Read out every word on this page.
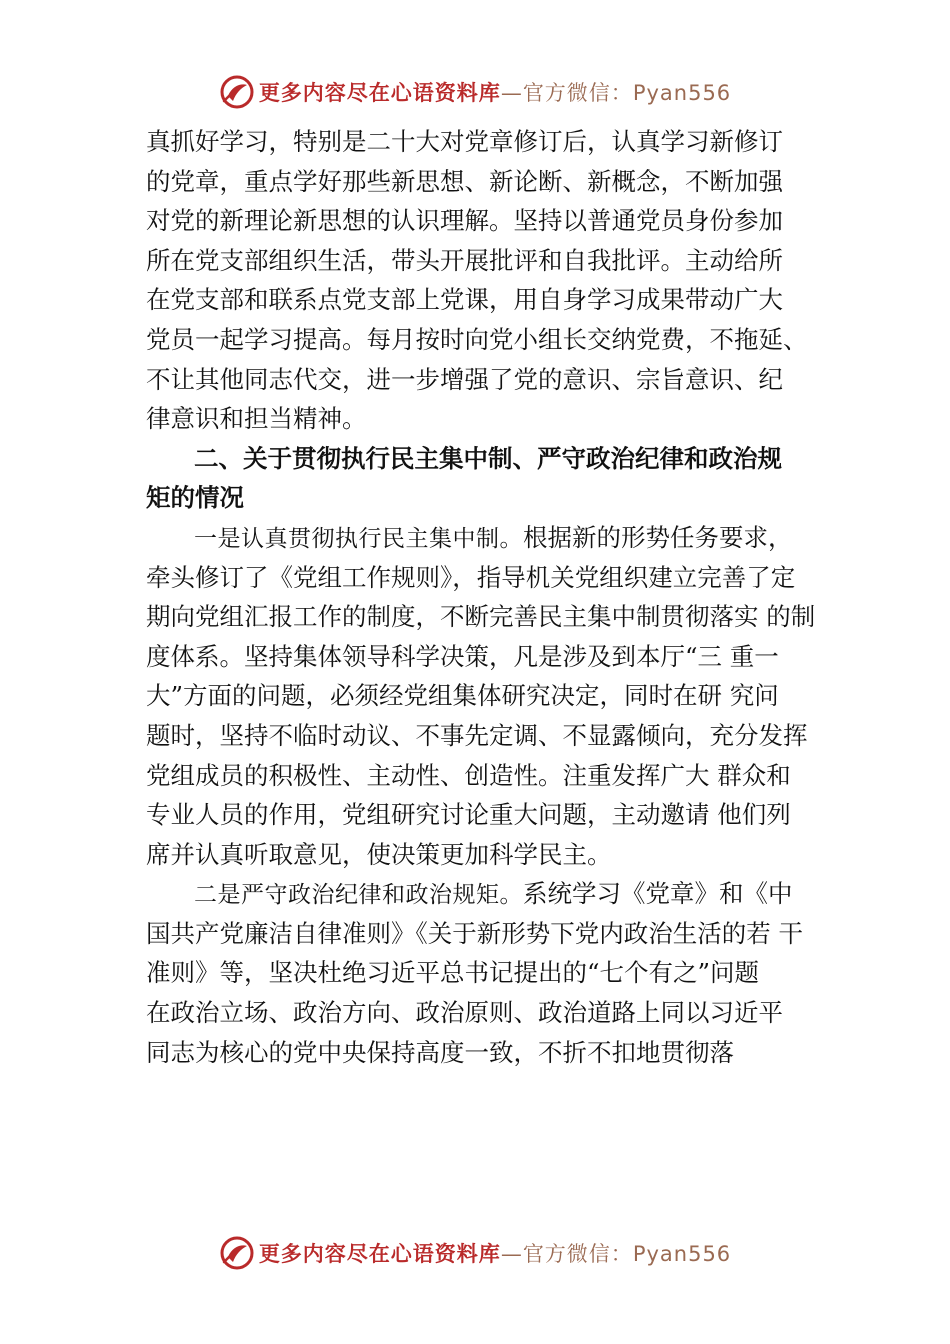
更多内容尽在心语资料库—官方微信：Pyan556

真抓好学习，特别是二十大对党章修订后，认真学习新修订
的党章，重点学好那些新思想、新论断、新概念，不断加强
对党的新理论新思想的认识理解。坚持以普通党员身份参加
所在党支部组织生活，带头开展批评和自我批评。主动给所
在党支部和联系点党支部上党课，用自身学习成果带动广大
党员一起学习提高。每月按时向党小组长交纳党费，不拖延、
不让其他同志代交，进一步增强了党的意识、宗旨意识、纪
律意识和担当精神。

二、关于贯彻执行民主集中制、严守政治纪律和政治规
矩的情况

一是认真贯彻执行民主集中制。根据新的形势任务要求，
牵头修订了《党组工作规则》，指导机关党组织建立完善了定
期向党组汇报工作的制度，不断完善民主集中制贯彻落实 的制
度体系。坚持集体领导科学决策，凡是涉及到本厅“三 重一
大”方面的问题，必须经党组集体研究决定，同时在研 究问
题时，坚持不临时动议、不事先定调、不显露倾向，充分发挥
党组成员的积极性、主动性、创造性。注重发挥广大 群众和
专业人员的作用，党组研究讨论重大问题，主动邀请 他们列
席并认真听取意见，使决策更加科学民主。

二是严守政治纪律和政治规矩。系统学习《党章》和《中
国共产党廉洁自律准则》《关于新形势下党内政治生活的若 干
准则》等，坚决杜绝习近平总书记提出的“七个有之”问题
在政治立场、政治方向、政治原则、政治道路上同以习近平
同志为核心的党中央保持高度一致，不折不扣地贯彻落

更多内容尽在心语资料库—官方微信：Pyan556
